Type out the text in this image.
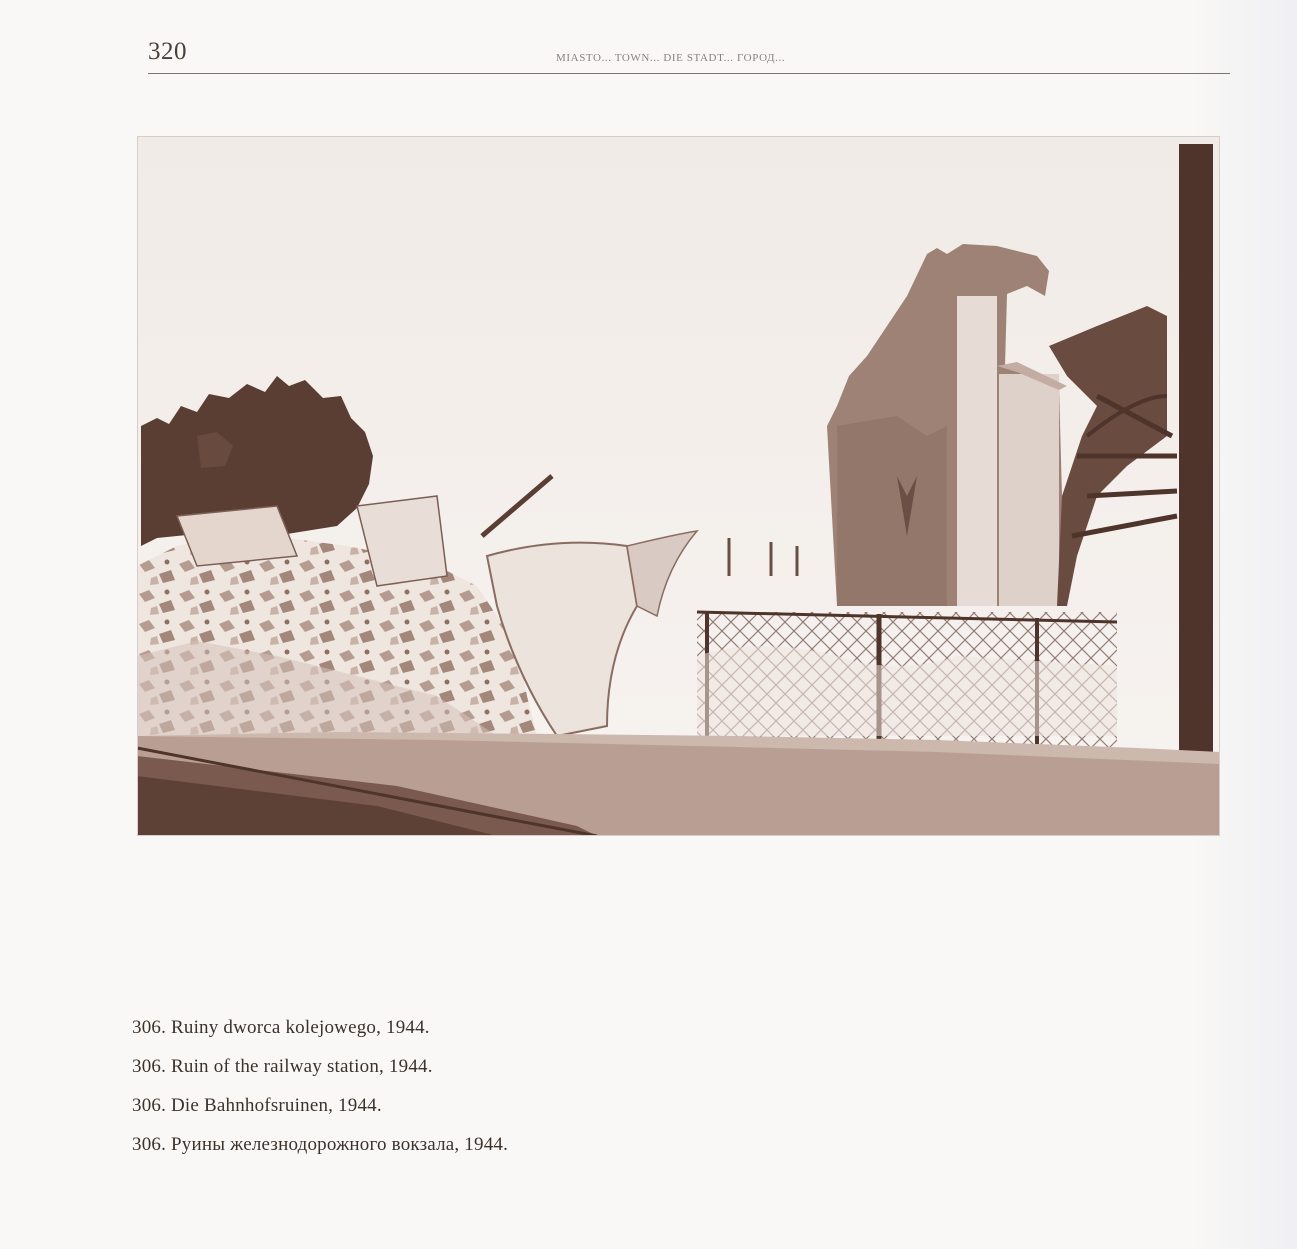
320	MIASTO... TOWN... DIE STADT... ГОРОД...
306. Ruiny dworca kolejowego, 1944.
306. Ruin of the railway station, 1944.
306. Die Bahnhofsruinen, 1944.
306. Руины железнодорожного вокзала, 1944.
